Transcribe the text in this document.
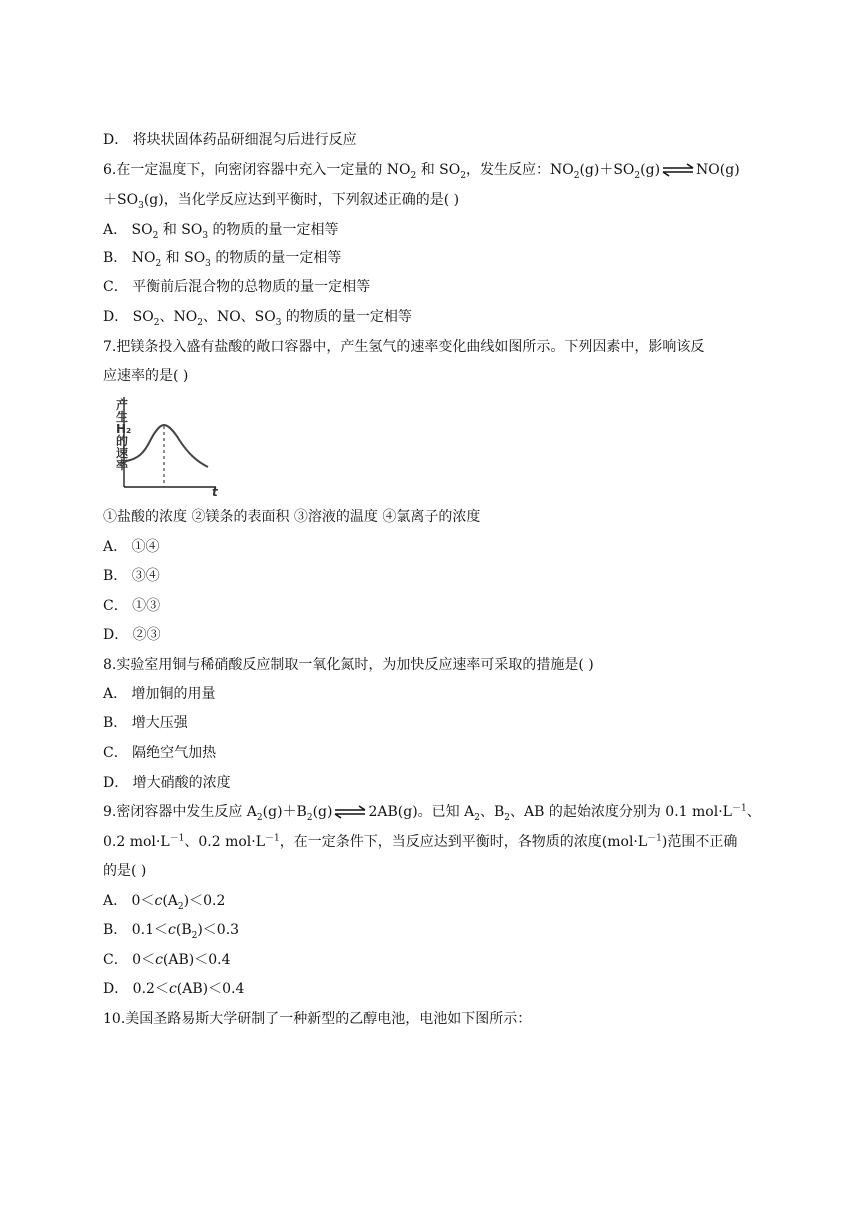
D． 将块状固体药品研细混匀后进行反应
6.在一定温度下，向密闭容器中充入一定量的 $NO_2$ 和 $SO_2$，发生反应：$NO_2(g)+SO_2(g)\rightleftharpoons NO(g)$
$+SO_3(g)$，当化学反应达到平衡时，下列叙述正确的是( )
A． $SO_2$ 和 $SO_3$ 的物质的量一定相等
B． $NO_2$ 和 $SO_3$ 的物质的量一定相等
C． 平衡前后混合物的总物质的量一定相等
D． $SO_2$、$NO_2$、NO、$SO_3$ 的物质的量一定相等
7.把镁条投入盛有盐酸的敞口容器中，产生氢气的速率变化曲线如图所示。下列因素中，影响该反
应速率的是( )
产生H₂的速率
t
①盐酸的浓度 ②镁条的表面积 ③溶液的温度 ④氯离子的浓度
A． ①④
B． ③④
C． ①③
D． ②③
8.实验室用铜与稀硝酸反应制取一氧化氮时，为加快反应速率可采取的措施是( )
A． 增加铜的用量
B． 增大压强
C． 隔绝空气加热
D． 增大硝酸的浓度
9.密闭容器中发生反应 $A_2(g)+B_2(g)\rightleftharpoons 2AB(g)$。已知 $A_2$、$B_2$、AB 的起始浓度分别为 0.1 $mol\cdot L^{-1}$、
0.2 $mol\cdot L^{-1}$、0.2 $mol\cdot L^{-1}$，在一定条件下，当反应达到平衡时，各物质的浓度$(mol\cdot L^{-1})$范围不正确
的是( )
A． $0<c(A_2)<0.2$
B． $0.1<c(B_2)<0.3$
C． 0＜c(AB)＜0.4
D． 0.2＜c(AB)＜0.4
10.美国圣路易斯大学研制了一种新型的乙醇电池，电池如下图所示：
